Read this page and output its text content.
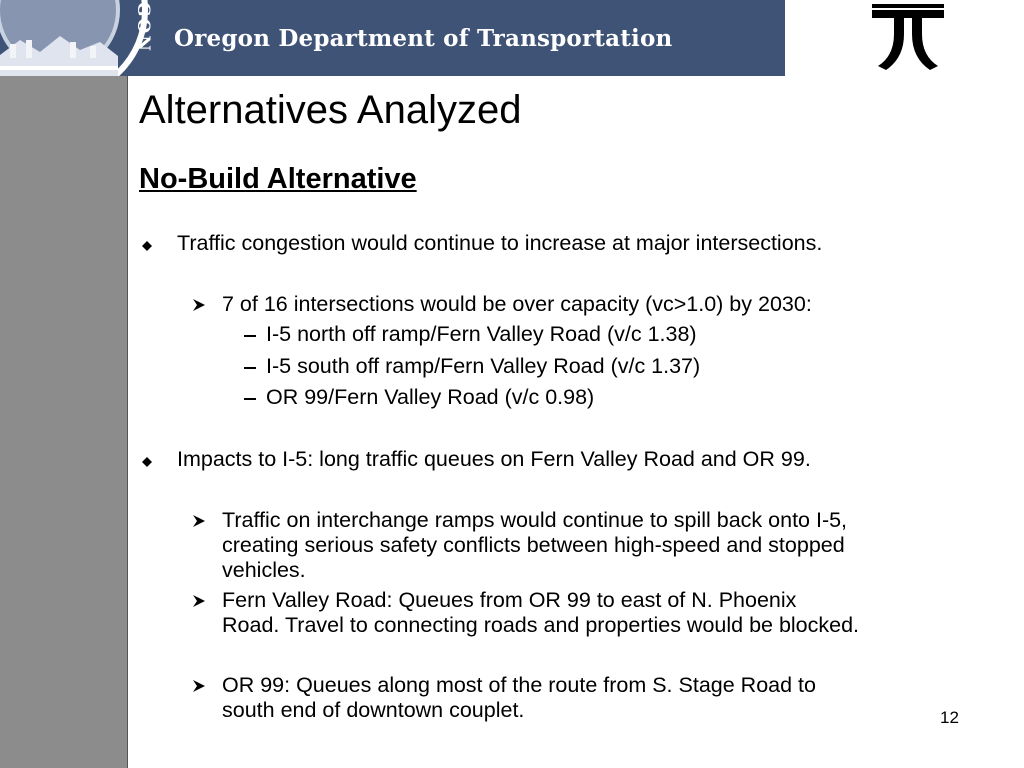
GON Oregon Department of Transportation
Alternatives Analyzed
No-Build Alternative
Traffic congestion would continue to increase at major intersections.
7 of 16 intersections would be over capacity (vc>1.0) by 2030:
I-5 north off ramp/Fern Valley Road (v/c 1.38)
I-5 south off ramp/Fern Valley Road (v/c 1.37)
OR 99/Fern Valley Road (v/c 0.98)
Impacts to I-5: long traffic queues on Fern Valley Road and OR 99.
Traffic on interchange ramps would continue to spill back onto I-5,
creating serious safety conflicts between high-speed and stopped
vehicles.
Fern Valley Road: Queues from OR 99 to east of N. Phoenix
Road. Travel to connecting roads and properties would be blocked.
OR 99: Queues along most of the route from S. Stage Road to
south end of downtown couplet.	12
